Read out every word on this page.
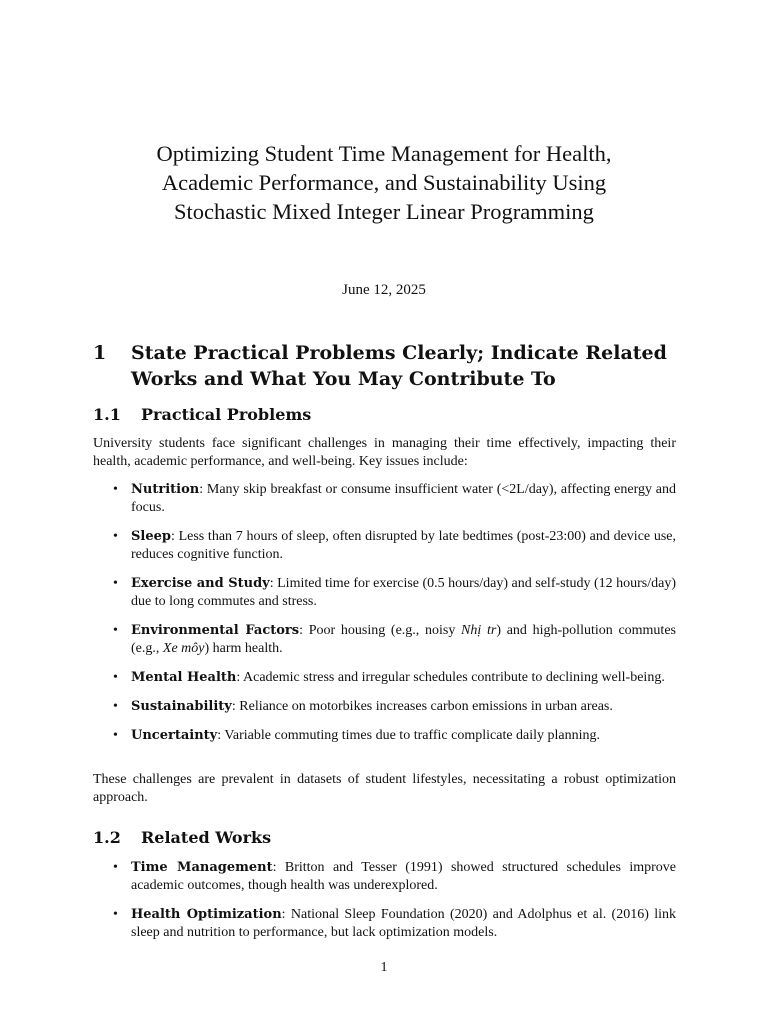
Optimizing Student Time Management for Health,
Academic Performance, and Sustainability Using
Stochastic Mixed Integer Linear Programming
June 12, 2025
1 State Practical Problems Clearly; Indicate Related Works and What You May Contribute To
1.1 Practical Problems
University students face significant challenges in managing their time effectively, impacting their health, academic performance, and well-being. Key issues include:
• Nutrition: Many skip breakfast or consume insufficient water (<2L/day), affecting energy and focus.
• Sleep: Less than 7 hours of sleep, often disrupted by late bedtimes (post-23:00) and device use, reduces cognitive function.
• Exercise and Study: Limited time for exercise (0.5 hours/day) and self-study (12 hours/day) due to long commutes and stress.
• Environmental Factors: Poor housing (e.g., noisy Nhị tr) and high-pollution commutes (e.g., Xe môy) harm health.
• Mental Health: Academic stress and irregular schedules contribute to declining well-being.
• Sustainability: Reliance on motorbikes increases carbon emissions in urban areas.
• Uncertainty: Variable commuting times due to traffic complicate daily planning.
These challenges are prevalent in datasets of student lifestyles, necessitating a robust optimization approach.
1.2 Related Works
• Time Management: Britton and Tesser (1991) showed structured schedules improve academic outcomes, though health was underexplored.
• Health Optimization: National Sleep Foundation (2020) and Adolphus et al. (2016) link sleep and nutrition to performance, but lack optimization models.
1
